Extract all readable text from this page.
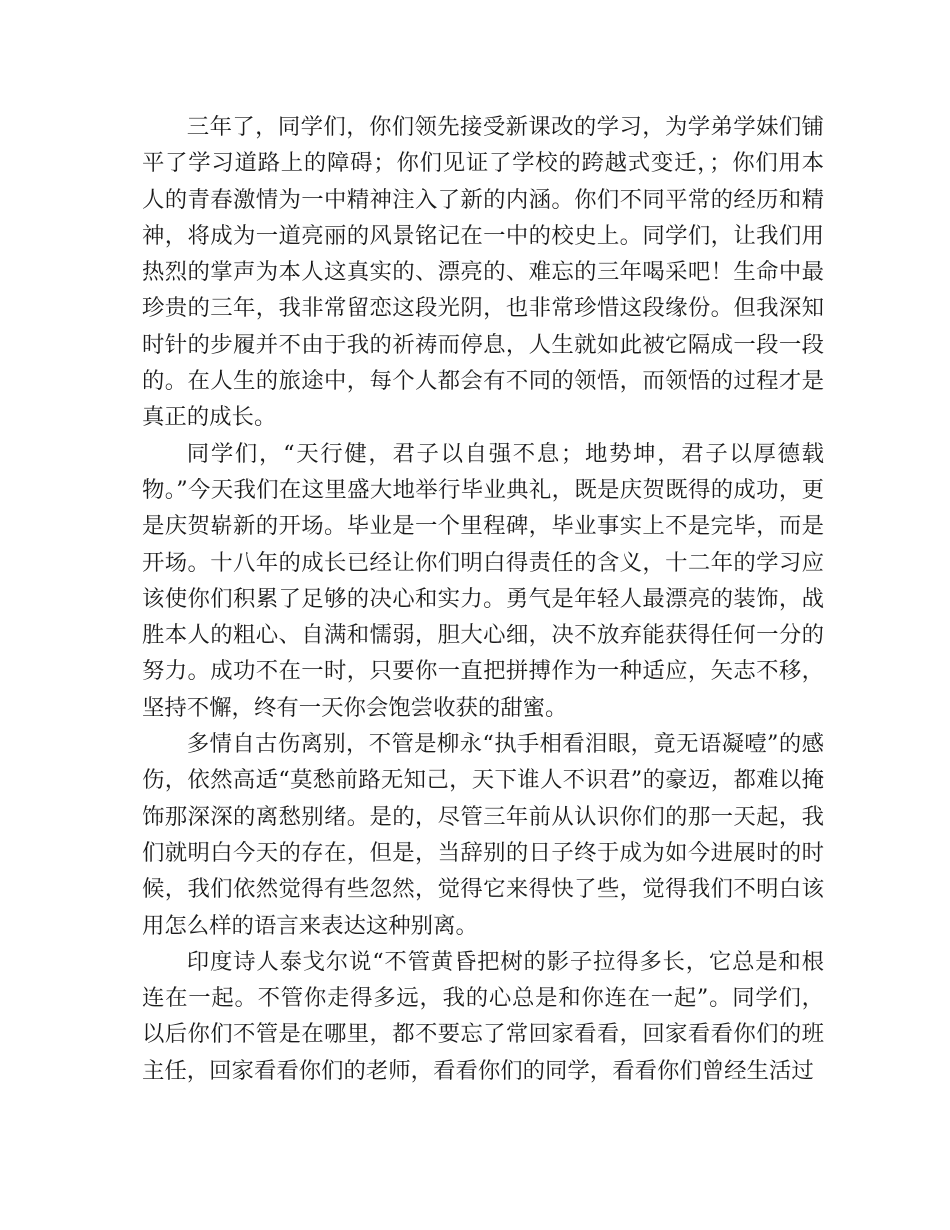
三年了，同学们，你们领先接受新课改的学习，为学弟学妹们铺平了学习道路上的障碍；你们见证了学校的跨越式变迁，；你们用本人的青春激情为一中精神注入了新的内涵。你们不同平常的经历和精神，将成为一道亮丽的风景铭记在一中的校史上。同学们，让我们用热烈的掌声为本人这真实的、漂亮的、难忘的三年喝采吧！生命中最珍贵的三年，我非常留恋这段光阴，也非常珍惜这段缘份。但我深知时针的步履并不由于我的祈祷而停息，人生就如此被它隔成一段一段的。在人生的旅途中，每个人都会有不同的领悟，而领悟的过程才是真正的成长。

同学们，“天行健，君子以自强不息；地势坤，君子以厚德载物。”今天我们在这里盛大地举行毕业典礼，既是庆贺既得的成功，更是庆贺崭新的开场。毕业是一个里程碑，毕业事实上不是完毕，而是开场。十八年的成长已经让你们明白得责任的含义，十二年的学习应该使你们积累了足够的决心和实力。勇气是年轻人最漂亮的装饰，战胜本人的粗心、自满和懦弱，胆大心细，决不放弃能获得任何一分的努力。成功不在一时，只要你一直把拼搏作为一种适应，矢志不移，坚持不懈，终有一天你会饱尝收获的甜蜜。

多情自古伤离别，不管是柳永“执手相看泪眼，竟无语凝噎”的感伤，依然高适“莫愁前路无知己，天下谁人不识君”的豪迈，都难以掩饰那深深的离愁别绪。是的，尽管三年前从认识你们的那一天起，我们就明白今天的存在，但是，当辞别的日子终于成为如今进展时的时候，我们依然觉得有些忽然，觉得它来得快了些，觉得我们不明白该用怎么样的语言来表达这种别离。

印度诗人泰戈尔说“不管黄昏把树的影子拉得多长，它总是和根连在一起。不管你走得多远，我的心总是和你连在一起”。同学们，以后你们不管是在哪里，都不要忘了常回家看看，回家看看你们的班主任，回家看看你们的老师，看看你们的同学，看看你们曾经生活过
